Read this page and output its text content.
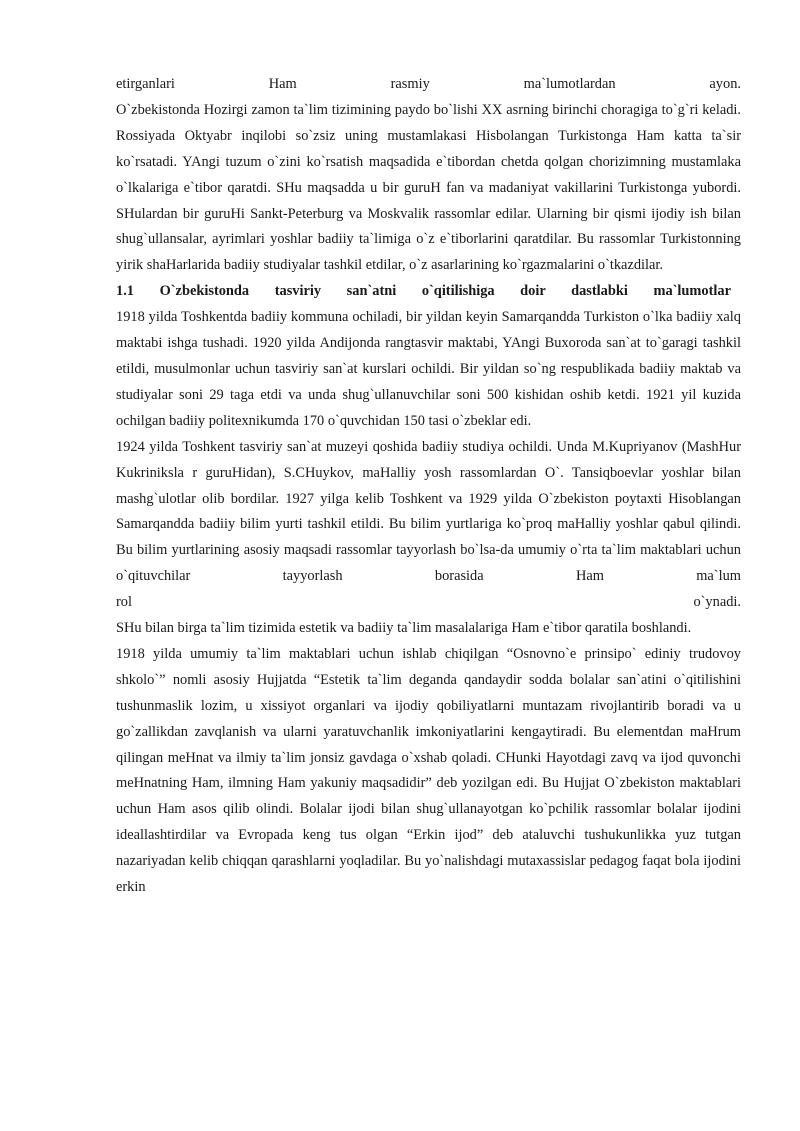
etirganlari Ham rasmiy ma`lumotlardan ayon.

O`zbekistonda Hozirgi zamon ta`lim tizimining paydo bo`lishi XX asrning birinchi choragiga to`g`ri keladi. Rossiyada Oktyabr inqilobi so`zsiz uning mustamlakasi Hisbolangan Turkistonga Ham katta ta`sir ko`rsatadi. YAngi tuzum o`zini ko`rsatish maqsadida e`tibordan chetda qolgan chorizimning mustamlaka o`lkalariga e`tibor qaratdi. SHu maqsadda u bir guruH fan va madaniyat vakillarini Turkistonga yubordi. SHulardan bir guruHi Sankt-Peterburg va Moskvalik rassomlar edilar. Ularning bir qismi ijodiy ish bilan shug`ullansalar, ayrimlari yoshlar badiiy ta`limiga o`z e`tiborlarini qaratdilar. Bu rassomlar Turkistonning yirik shaHarlarida badiiy studiyalar tashkil etdilar, o`z asarlarining ko`rgazmalarini o`tkazdilar.

1.1 O`zbekistonda tasviriy san`atni o`qitilishiga doir dastlabki ma`lumotlar

1918 yilda Toshkentda badiiy kommuna ochiladi, bir yildan keyin Samarqandda Turkiston o`lka badiiy xalq maktabi ishga tushadi. 1920 yilda Andijonda rangtasvir maktabi, YAngi Buxoroda san`at to`garagi tashkil etildi, musulmonlar uchun tasviriy san`at kurslari ochildi. Bir yildan so`ng respublikada badiiy maktab va studiyalar soni 29 taga etdi va unda shug`ullanuvchilar soni 500 kishidan oshib ketdi. 1921 yil kuzida ochilgan badiiy politexnikumda 170 o`quvchidan 150 tasi o`zbeklar edi.

1924 yilda Toshkent tasviriy san`at muzeyi qoshida badiiy studiya ochildi. Unda M.Kupriyanov (MashHur Kukriniksla r guruHidan), S.CHuykov, maHalliy yosh rassomlardan O`. Tansiqboevlar yoshlar bilan mashg`ulotlar olib bordilar. 1927 yilga kelib Toshkent va 1929 yilda O`zbekiston poytaxti Hisoblangan Samarqandda badiiy bilim yurti tashkil etildi. Bu bilim yurtlariga ko`proq maHalliy yoshlar qabul qilindi. Bu bilim yurtlarining asosiy maqsadi rassomlar tayyorlash bo`lsa-da umumiy o`rta ta`lim maktablari uchun o`qituvchilar tayyorlash borasida Ham ma`lum

rol o`ynadi.

SHu bilan birga ta`lim tizimida estetik va badiiy ta`lim masalalariga Ham e`tibor qaratila boshlandi.

1918 yilda umumiy ta`lim maktablari uchun ishlab chiqilgan “Osnovno`e prinsipo` ediniy trudovoy shkolo`” nomli asosiy Hujjatda “Estetik ta`lim deganda qandaydir sodda bolalar san`atini o`qitilishini tushunmaslik lozim, u xissiyot organlari va ijodiy qobiliyatlarni muntazam rivojlantirib boradi va u go`zallikdan zavqlanish va ularni yaratuvchanlik imkoniyatlarini kengaytiradi. Bu elementdan maHrum qilingan meHnat va ilmiy ta`lim jonsiz gavdaga o`xshab qoladi. CHunki Hayotdagi zavq va ijod quvonchi meHnatning Ham, ilmning Ham yakuniy maqsadidir” deb yozilgan edi. Bu Hujjat O`zbekiston maktablari uchun Ham asos qilib olindi. Bolalar ijodi bilan shug`ullanayotgan ko`pchilik rassomlar bolalar ijodini ideallashtirdilar va Evropada keng tus olgan “Erkin ijod” deb ataluvchi tushukunlikka yuz tutgan nazariyadan kelib chiqqan qarashlarni yoqladilar. Bu yo`nalishdagi mutaxassislar pedagog faqat bola ijodini erkin
